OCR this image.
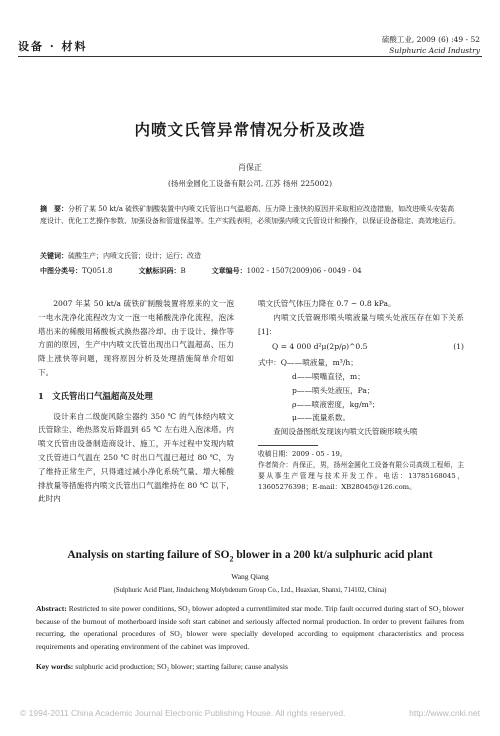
设备 · 材料
硫酸工业, 2009 (6) :49 - 52
Sulphuric Acid Industry
内喷文氏管异常情况分析及改造
肖保正
(扬州金圆化工设备有限公司, 江苏 扬州 225002)
摘　要：分析了某 50 kt/a 硫铁矿制酸装置中内喷文氏管出口气温超高、压力降上涨快的原因并采取相应改造措施，如改进喷头安装高度设计、优化工艺操作参数、加强设备和管道保温等。生产实践表明，必须加强内喷文氏管设计和操作，以保证设备稳定、高效地运行。
关键词：硫酸生产；内喷文氏管；设计；运行；改造
中图分类号：TQ051.8	文献标识码：B	文章编号：1002 - 1507(2009)06 - 0049 - 04

2007 年某 50 kt/a 硫铁矿制酸装置将原来的文一泡一电水洗净化流程改为文一泡一电稀酸洗净化流程，泡沫塔出来的稀酸用稀酸板式换热器冷却。由于设计、操作等方面的原因，生产中内喷文氏管出现出口气温超高、压力降上涨快等问题，现将原因分析及处理措施简单介绍如下。

1　文氏管出口气温超高及处理

设计来自二级旋风除尘器约 350 ℃ 的气体经内喷文氏管除尘、绝热蒸发后降温到 65 ℃ 左右进入泡沫塔。内喷文氏管由设备制造商设计、施工，开车过程中发现内喷文氏管进口气温在 250 ℃ 时出口气温已超过 80 ℃，为了维持正常生产，只得通过减小净化系统气量、增大稀酸排放量等措施将内喷文氏管出口气温维持在 80 ℃ 以下，此时内

喷文氏管气体压力降在 0.7 ~ 0.8 kPa。

内喷文氏管碗形喷头喷液量与喷头处液压存在如下关系[1]：

Q = 4 000 d²μ(2p/ρ)^0.5	(1)

式中：Q——喷液量，m³/h；

d——喷嘴直径，m；

p——喷头处液压，Pa；

ρ——喷液密度，kg/m³；

μ——流量系数。

查阅设备图纸发现该内喷文氏管碗形喷头喷

收稿日期：2009 - 05 - 19。

作者简介：肖保正，男，扬州金圆化工设备有限公司高级工程师，主要从事生产管理与技术开发工作。电话：13785168045，13605276398；E-mail：XB28045@126.com。

Analysis on starting failure of $SO_2$ blower in a 200 kt/a sulphuric acid plant
Wang Qiang
(Sulphuric Acid Plant, Jinduicheng Molybdenum Group Co., Ltd., Huaxian, Shanxi, 714102, China)
Abstract: Restricted to site power conditions, SO₂ blower adopted a currentlimited star mode. Trip fault occurred during start of SO₂ blower because of the burnout of motherboard inside soft start cabinet and seriously affected normal production. In order to prevent failures from recurring, the operational procedures of SO₂ blower were specially developed according to equipment characteristics and process requirements and operating environment of the cabinet was improved.
Key words: sulphuric acid production; SO₂ blower; starting failure; cause analysis
© 1994-2011 China Academic Journal Electronic Publishing House. All rights reserved.	http://www.cnki.net
